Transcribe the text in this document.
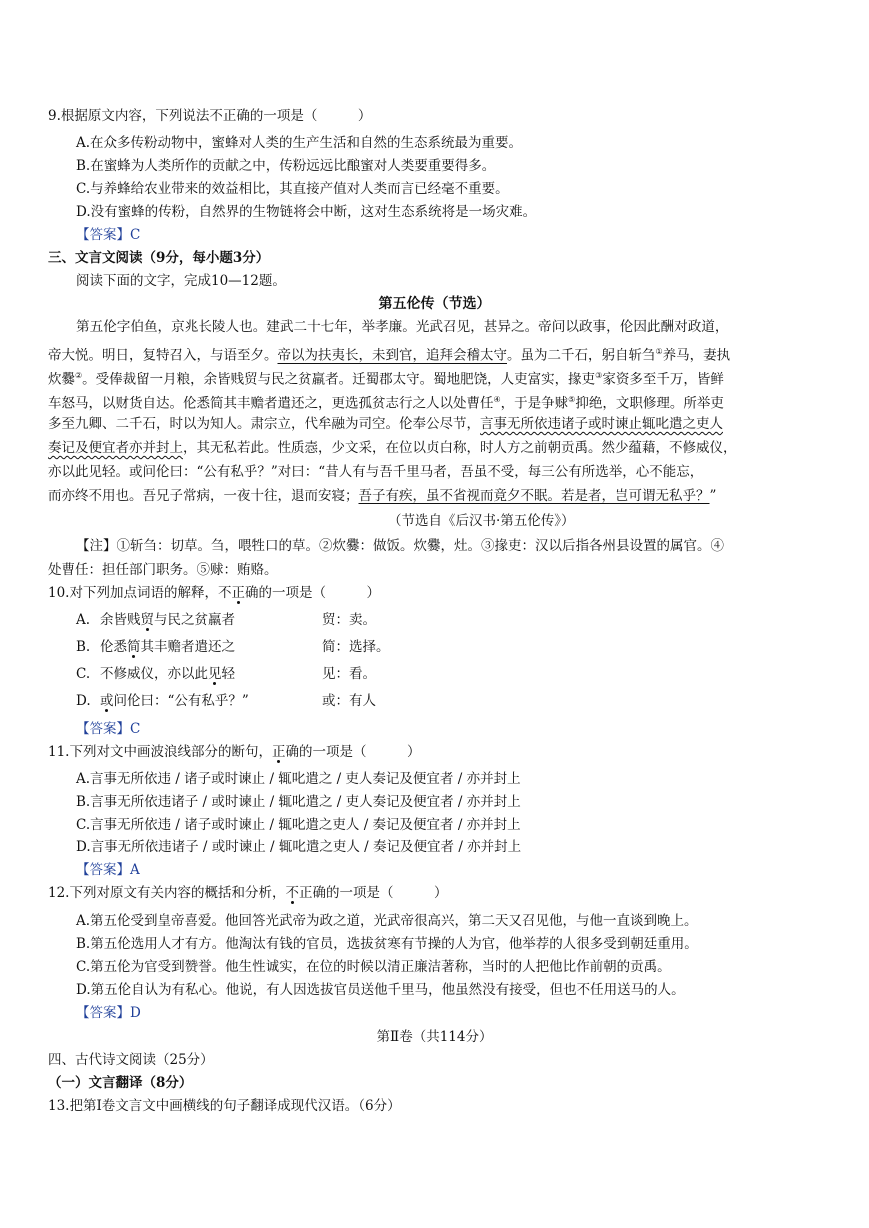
9.根据原文内容，下列说法不正确的一项是（　　　）
A.在众多传粉动物中，蜜蜂对人类的生产生活和自然的生态系统最为重要。
B.在蜜蜂为人类所作的贡献之中，传粉远远比酿蜜对人类要重要得多。
C.与养蜂给农业带来的效益相比，其直接产值对人类而言已经毫不重要。
D.没有蜜蜂的传粉，自然界的生物链将会中断，这对生态系统将是一场灾难。
【答案】C
三、文言文阅读（9分，每小题3分）
阅读下面的文字，完成10—12题。
第五伦传（节选）
第五伦字伯鱼，京兆长陵人也。建武二十七年，举孝廉。光武召见，甚异之。帝问以政事，伦因此酬对政道，
帝大悦。明日，复特召入，与语至夕。帝以为扶夷长，未到官，追拜会稽太守。虽为二千石，躬自斩刍①养马，妻执
炊爨②。受俸裁留一月粮，余皆贱贸与民之贫羸者。迁蜀郡太守。蜀地肥饶，人吏富实，掾吏③家资多至千万，皆鲜
车怒马，以财货自达。伦悉简其丰赡者遣还之，更选孤贫志行之人以处曹任④，于是争赇⑤抑绝，文职修理。所举吏
多至九卿、二千石，时以为知人。肃宗立，代牟融为司空。伦奉公尽节，言事无所依违诸子或时谏止辄叱遣之吏人
奏记及便宜者亦并封上，其无私若此。性质悫，少文采，在位以贞白称，时人方之前朝贡禹。然少蕴藉，不修威仪，
亦以此见轻。或问伦曰：“公有私乎？”对曰：“昔人有与吾千里马者，吾虽不受，每三公有所选举，心不能忘，
而亦终不用也。吾兄子常病，一夜十往，退而安寝；吾子有疾，虽不省视而竟夕不眠。若是者，岂可谓无私乎？”
（节选自《后汉书·第五伦传》）
【注】①斩刍：切草。刍，喂牲口的草。②炊爨：做饭。炊爨，灶。③掾吏：汉以后指各州县设置的属官。④
处曹任：担任部门职务。⑤赇：贿赂。
10.对下列加点词语的解释，不正确的一项是（　　　）
A. 余皆贱贸与民之贫羸者	贸：卖。
B. 伦悉简其丰赡者遣还之	简：选择。
C. 不修威仪，亦以此见轻	见：看。
D. 或问伦曰：“公有私乎？”	或：有人
【答案】C
11.下列对文中画波浪线部分的断句，正确的一项是（　　　）
A.言事无所依违 / 诸子或时谏止 / 辄叱遣之 / 吏人奏记及便宜者 / 亦并封上
B.言事无所依违诸子 / 或时谏止 / 辄叱遣之 / 吏人奏记及便宜者 / 亦并封上
C.言事无所依违 / 诸子或时谏止 / 辄叱遣之吏人 / 奏记及便宜者 / 亦并封上
D.言事无所依违诸子 / 或时谏止 / 辄叱遣之吏人 / 奏记及便宜者 / 亦并封上
【答案】A
12.下列对原文有关内容的概括和分析，不正确的一项是（　　　）
A.第五伦受到皇帝喜爱。他回答光武帝为政之道，光武帝很高兴，第二天又召见他，与他一直谈到晚上。
B.第五伦选用人才有方。他淘汰有钱的官员，选拔贫寒有节操的人为官，他举荐的人很多受到朝廷重用。
C.第五伦为官受到赞誉。他生性诚实，在位的时候以清正廉洁著称，当时的人把他比作前朝的贡禹。
D.第五伦自认为有私心。他说，有人因选拔官员送他千里马，他虽然没有接受，但也不任用送马的人。
【答案】D
第Ⅱ卷（共114分）
四、古代诗文阅读（25分）
（一）文言翻译（8分）
13.把第Ⅰ卷文言文中画横线的句子翻译成现代汉语。（6分）
